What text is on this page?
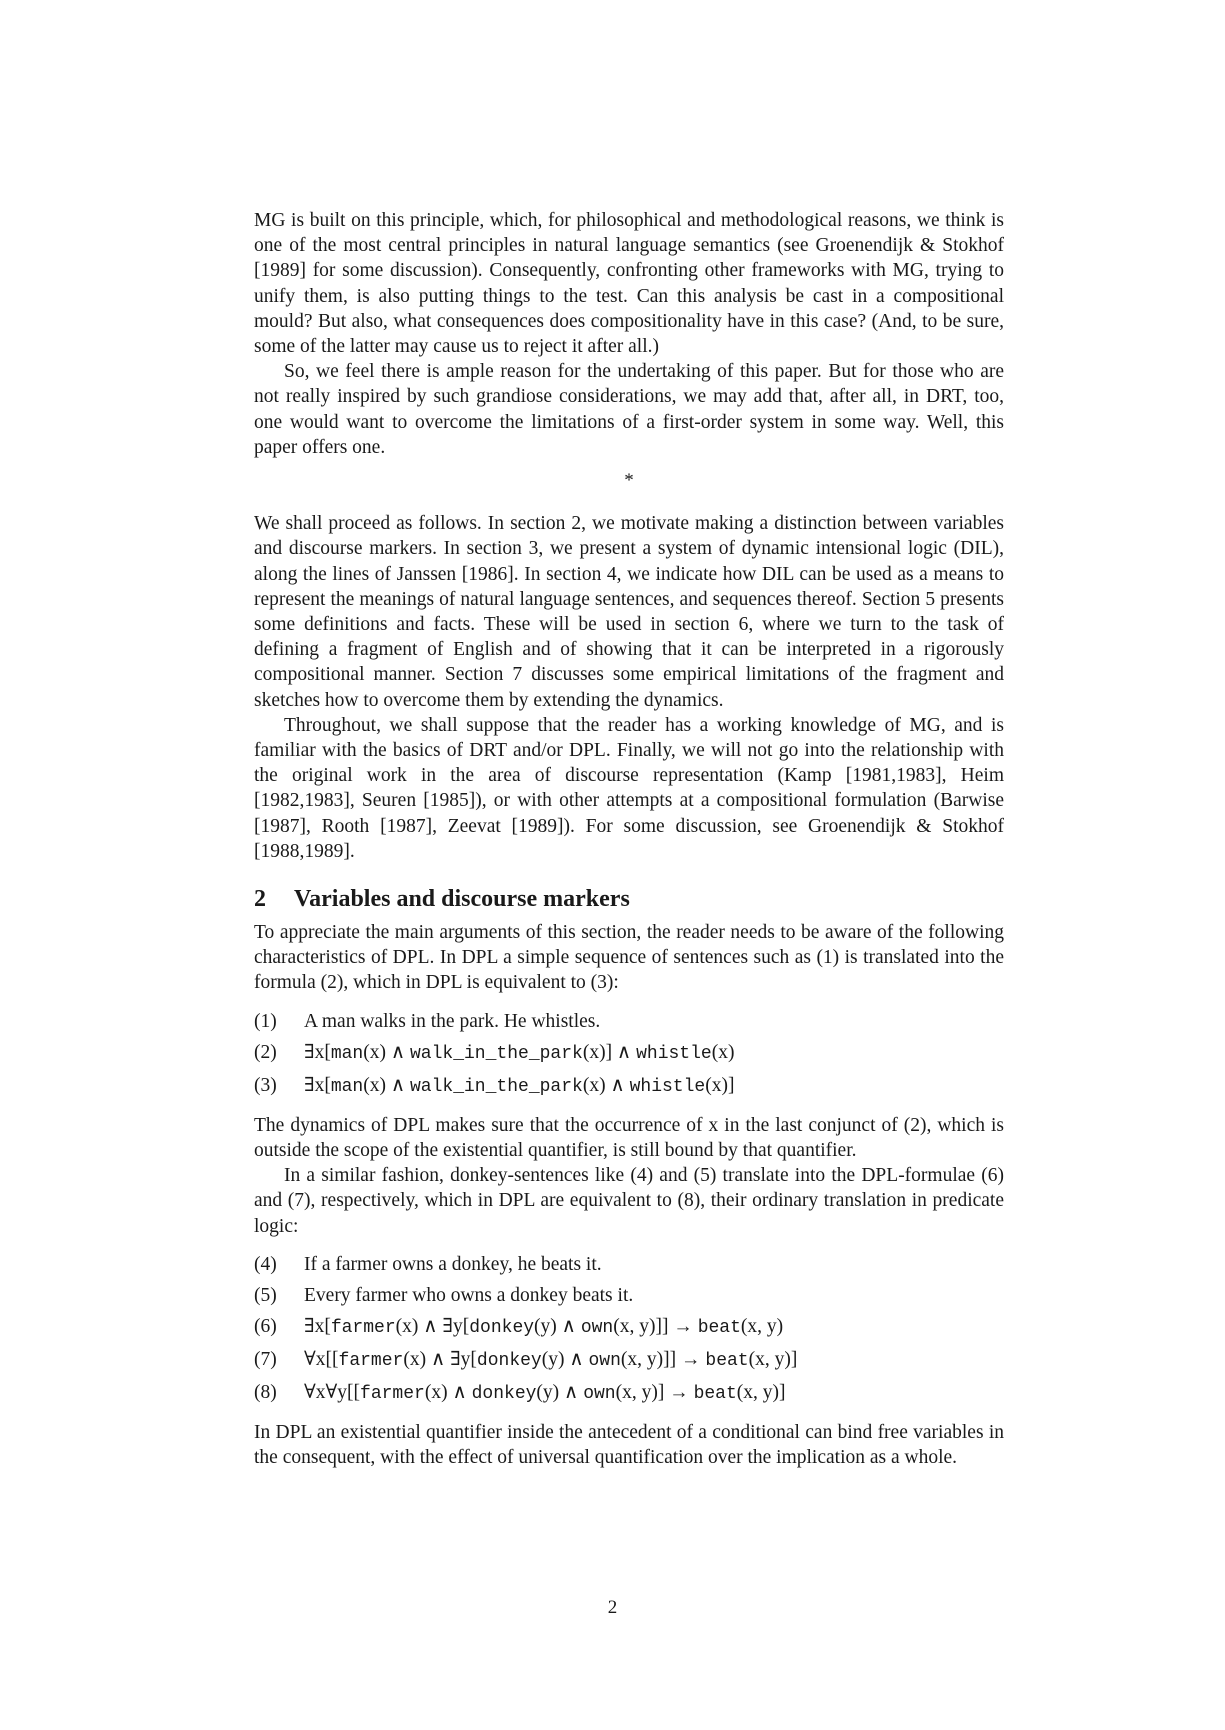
MG is built on this principle, which, for philosophical and methodological reasons, we think is one of the most central principles in natural language semantics (see Groenendijk & Stokhof [1989] for some discussion). Consequently, confronting other frameworks with MG, trying to unify them, is also putting things to the test. Can this analysis be cast in a compositional mould? But also, what consequences does compositionality have in this case? (And, to be sure, some of the latter may cause us to reject it after all.)

So, we feel there is ample reason for the undertaking of this paper. But for those who are not really inspired by such grandiose considerations, we may add that, after all, in DRT, too, one would want to overcome the limitations of a first-order system in some way. Well, this paper offers one.

*

We shall proceed as follows. In section 2, we motivate making a distinction between variables and discourse markers. In section 3, we present a system of dynamic intensional logic (DIL), along the lines of Janssen [1986]. In section 4, we indicate how DIL can be used as a means to represent the meanings of natural language sentences, and sequences thereof. Section 5 presents some definitions and facts. These will be used in section 6, where we turn to the task of defining a fragment of English and of showing that it can be interpreted in a rigorously compositional manner. Section 7 discusses some empirical limitations of the fragment and sketches how to overcome them by extending the dynamics.

Throughout, we shall suppose that the reader has a working knowledge of MG, and is familiar with the basics of DRT and/or DPL. Finally, we will not go into the relationship with the original work in the area of discourse representation (Kamp [1981,1983], Heim [1982,1983], Seuren [1985]), or with other attempts at a compositional formulation (Barwise [1987], Rooth [1987], Zeevat [1989]). For some discussion, see Groenendijk & Stokhof [1988,1989].

2 Variables and discourse markers

To appreciate the main arguments of this section, the reader needs to be aware of the following characteristics of DPL. In DPL a simple sequence of sentences such as (1) is translated into the formula (2), which in DPL is equivalent to (3):

(1)	A man walks in the park. He whistles.
(2)	∃x[man(x) ∧ walk_in_the_park(x)] ∧ whistle(x)
(3)	∃x[man(x) ∧ walk_in_the_park(x) ∧ whistle(x)]

The dynamics of DPL makes sure that the occurrence of x in the last conjunct of (2), which is outside the scope of the existential quantifier, is still bound by that quantifier.

In a similar fashion, donkey-sentences like (4) and (5) translate into the DPL-formulae (6) and (7), respectively, which in DPL are equivalent to (8), their ordinary translation in predicate logic:

(4)	If a farmer owns a donkey, he beats it.
(5)	Every farmer who owns a donkey beats it.
(6)	∃x[farmer(x) ∧ ∃y[donkey(y) ∧ own(x, y)]] → beat(x, y)
(7)	∀x[[farmer(x) ∧ ∃y[donkey(y) ∧ own(x, y)]] → beat(x, y)]
(8)	∀x∀y[[farmer(x) ∧ donkey(y) ∧ own(x, y)] → beat(x, y)]

In DPL an existential quantifier inside the antecedent of a conditional can bind free variables in the consequent, with the effect of universal quantification over the implication as a whole.

2
